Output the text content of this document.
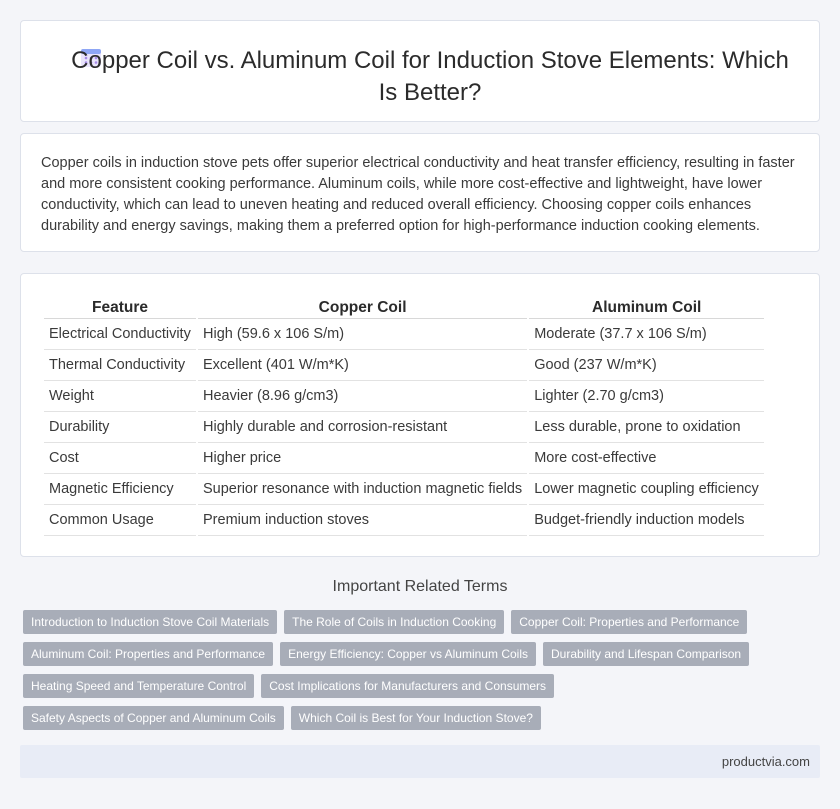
Copper Coil vs. Aluminum Coil for Induction Stove Elements: Which Is Better?

Copper coils in induction stove pets offer superior electrical conductivity and heat transfer efficiency, resulting in faster and more consistent cooking performance. Aluminum coils, while more cost-effective and lightweight, have lower conductivity, which can lead to uneven heating and reduced overall efficiency. Choosing copper coils enhances durability and energy savings, making them a preferred option for high-performance induction cooking elements.

Feature	Copper Coil	Aluminum Coil
Electrical Conductivity	High (59.6 x 106 S/m)	Moderate (37.7 x 106 S/m)
Thermal Conductivity	Excellent (401 W/m*K)	Good (237 W/m*K)
Weight	Heavier (8.96 g/cm3)	Lighter (2.70 g/cm3)
Durability	Highly durable and corrosion-resistant	Less durable, prone to oxidation
Cost	Higher price	More cost-effective
Magnetic Efficiency	Superior resonance with induction magnetic fields	Lower magnetic coupling efficiency
Common Usage	Premium induction stoves	Budget-friendly induction models
Important Related Terms
Introduction to Induction Stove Coil Materials	The Role of Coils in Induction Cooking	Copper Coil: Properties and Performance
Aluminum Coil: Properties and Performance	Energy Efficiency: Copper vs Aluminum Coils	Durability and Lifespan Comparison
Heating Speed and Temperature Control	Cost Implications for Manufacturers and Consumers
Safety Aspects of Copper and Aluminum Coils	Which Coil is Best for Your Induction Stove?
productvia.com
